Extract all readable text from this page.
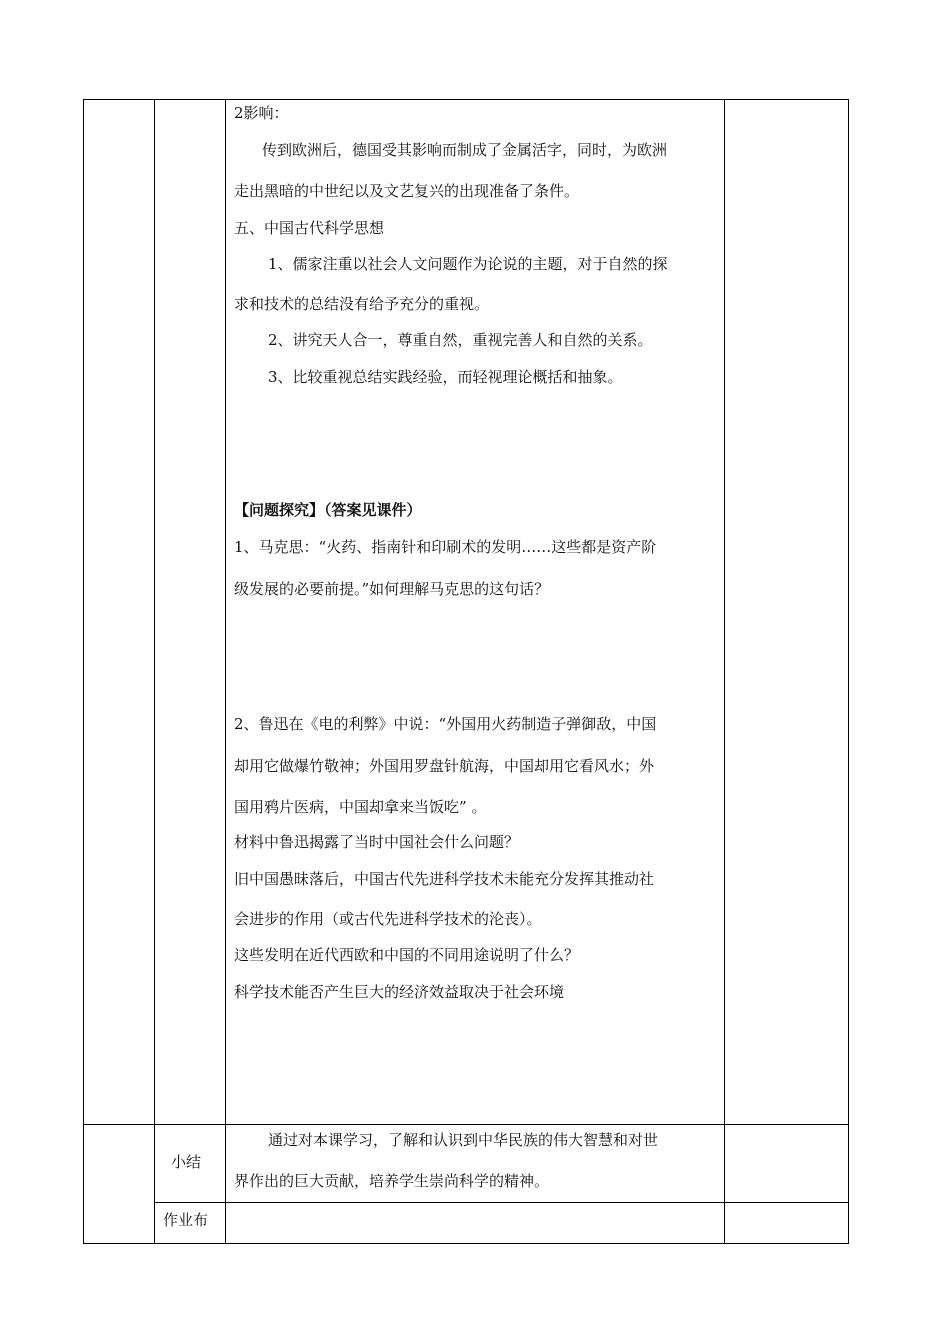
2影响：
传到欧洲后，德国受其影响而制成了金属活字，同时，为欧洲
走出黑暗的中世纪以及文艺复兴的出现准备了条件。
五、中国古代科学思想
1、儒家注重以社会人文问题作为论说的主题，对于自然的探
求和技术的总结没有给予充分的重视。
2、讲究天人合一，尊重自然，重视完善人和自然的关系。
3、比较重视总结实践经验，而轻视理论概括和抽象。
【问题探究】（答案见课件）
1、马克思：“火药、指南针和印刷术的发明……这些都是资产阶
级发展的必要前提。”如何理解马克思的这句话？
2、鲁迅在《电的利弊》中说：“外国用火药制造子弹御敌，中国
却用它做爆竹敬神；外国用罗盘针航海，中国却用它看风水；外
国用鸦片医病，中国却拿来当饭吃” 。
材料中鲁迅揭露了当时中国社会什么问题？
旧中国愚昧落后，中国古代先进科学技术未能充分发挥其推动社
会进步的作用（或古代先进科学技术的沦丧）。
这些发明在近代西欧和中国的不同用途说明了什么？
科学技术能否产生巨大的经济效益取决于社会环境
小结
通过对本课学习，了解和认识到中华民族的伟大智慧和对世
界作出的巨大贡献，培养学生崇尚科学的精神。
作业布
